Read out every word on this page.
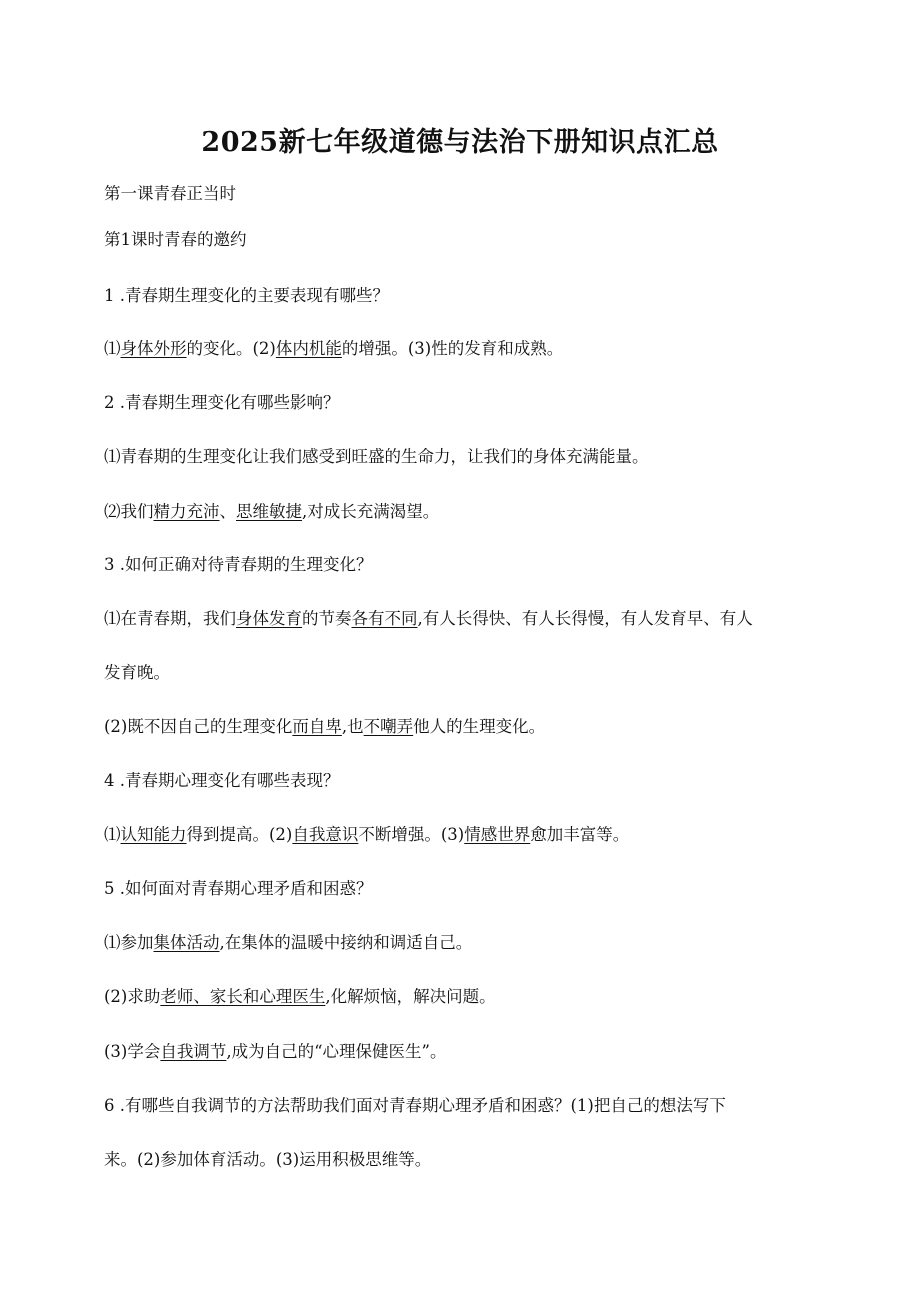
2025新七年级道德与法治下册知识点汇总

第一课青春正当时

第1课时青春的邀约

1 .青春期生理变化的主要表现有哪些？

⑴身体外形的变化。(2)体内机能的增强。(3)性的发育和成熟。

2 .青春期生理变化有哪些影响？

⑴青春期的生理变化让我们感受到旺盛的生命力，让我们的身体充满能量。

⑵我们精力充沛、思维敏捷,对成长充满渴望。

3 .如何正确对待青春期的生理变化？

⑴在青春期，我们身体发育的节奏各有不同,有人长得快、有人长得慢，有人发育早、有人

发育晚。

(2)既不因自己的生理变化而自卑,也不嘲弄他人的生理变化。

4 .青春期心理变化有哪些表现？

⑴认知能力得到提高。(2)自我意识不断增强。(3)情感世界愈加丰富等。

5 .如何面对青春期心理矛盾和困惑？

⑴参加集体活动,在集体的温暖中接纳和调适自己。

(2)求助老师、家长和心理医生,化解烦恼，解决问题。

(3)学会自我调节,成为自己的“心理保健医生”。

6 .有哪些自我调节的方法帮助我们面对青春期心理矛盾和困惑？(1)把自己的想法写下

来。(2)参加体育活动。(3)运用积极思维等。
